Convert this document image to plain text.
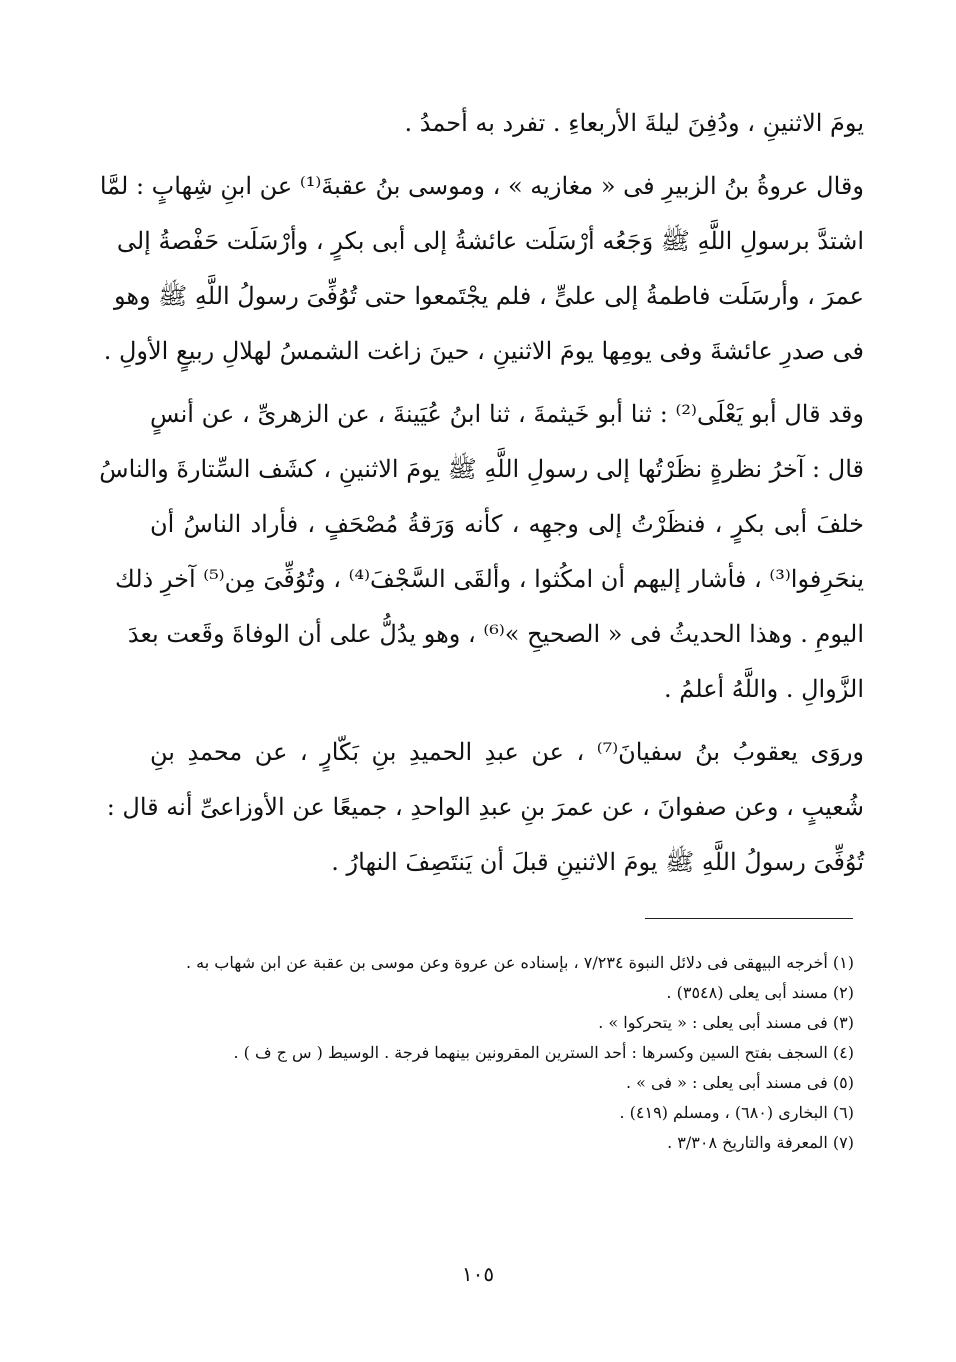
يومَ الاثنينِ ، ودُفِنَ ليلةَ الأربعاءِ . تفرد به أحمدُ .
وقال عروةُ بنُ الزبيرِ فى « مغازيه » ، وموسى بنُ عقبةَ⁽¹⁾ عن ابنِ شِهابٍ : لمَّا
اشتدَّ برسولِ اللَّهِ ﷺ وَجَعُه أرْسَلَت عائشةُ إلى أبى بكرٍ ، وأرْسَلَت حَفْصةُ إلى
عمرَ ، وأرسَلَت فاطمةُ إلى علىٍّ ، فلم يجْتَمعوا حتى تُوُفِّىَ رسولُ اللَّهِ ﷺ وهو
فى صدرِ عائشةَ وفى يومِها يومَ الاثنينِ ، حينَ زاغت الشمسُ لهلالِ ربيعٍ الأولِ .
وقد قال أبو يَعْلَى⁽²⁾ : ثنا أبو خَيثمةَ ، ثنا ابنُ عُيَينةَ ، عن الزهرىِّ ، عن أنسٍ
قال : آخرُ نظرةٍ نظَرْتُها إلى رسولِ اللَّهِ ﷺ يومَ الاثنينِ ، كشَف السِّتارةَ والناسُ
خلفَ أبى بكرٍ ، فنظَرْتُ إلى وجهِه ، كأنه وَرَقةُ مُصْحَفٍ ، فأراد الناسُ أن
ينحَرِفوا⁽³⁾ ، فأشار إليهم أن امكُثوا ، وألقَى السَّجْفَ⁽⁴⁾ ، وتُوُفِّىَ مِن⁽⁵⁾ آخرِ ذلك
اليومِ . وهذا الحديثُ فى « الصحيحِ »⁽⁶⁾ ، وهو يدُلُّ على أن الوفاةَ وقَعت بعدَ
الزَّوالِ . واللَّهُ أعلمُ .
وروَى يعقوبُ بنُ سفيانَ⁽⁷⁾ ، عن عبدِ الحميدِ بنِ بَكّارٍ ، عن محمدِ بنِ
شُعيبٍ ، وعن صفوانَ ، عن عمرَ بنِ عبدِ الواحدِ ، جميعًا عن الأوزاعىِّ أنه قال :
تُوُفِّىَ رسولُ اللَّهِ ﷺ يومَ الاثنينِ قبلَ أن يَنتَصِفَ النهارُ .
(١) أخرجه البيهقى فى دلائل النبوة ٧/٢٣٤ ، بإسناده عن عروة وعن موسى بن عقبة عن ابن شهاب به .
(٢) مسند أبى يعلى (٣٥٤٨) .
(٣) فى مسند أبى يعلى : « يتحركوا » .
(٤) السجف بفتح السين وكسرها : أحد السترين المقرونين بينهما فرجة . الوسيط ( س ج ف ) .
(٥) فى مسند أبى يعلى : « فى » .
(٦) البخارى (٦٨٠) ، ومسلم (٤١٩) .
(٧) المعرفة والتاريخ ٣/٣٠٨ .
١٠٥
